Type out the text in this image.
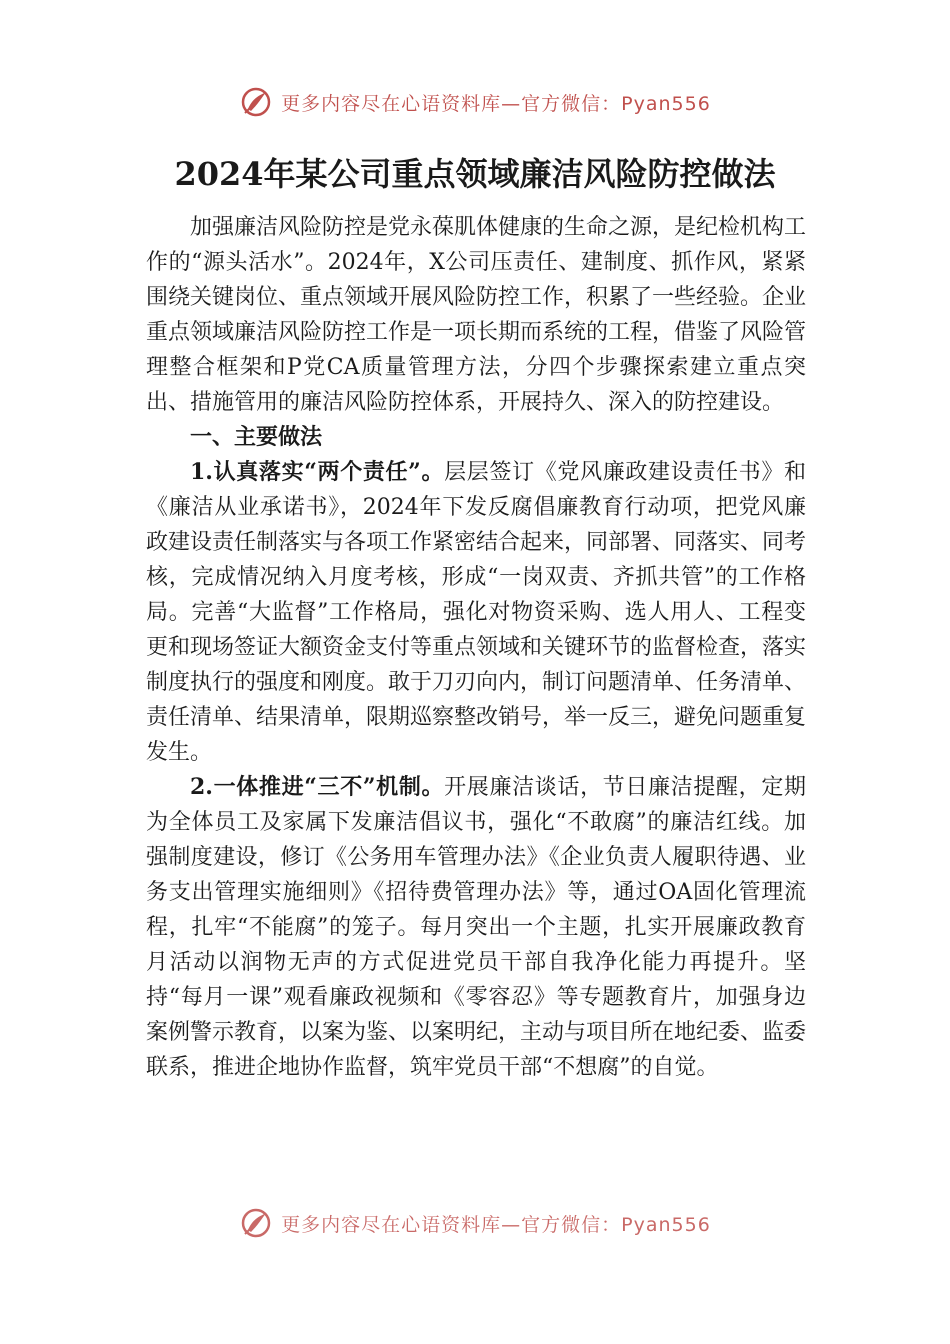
更多内容尽在心语资料库—官方微信：Pyan556
2024年某公司重点领域廉洁风险防控做法

加强廉洁风险防控是党永葆肌体健康的生命之源，是纪检机构工作的“源头活水”。2024年，X公司压责任、建制度、抓作风，紧紧围绕关键岗位、重点领域开展风险防控工作，积累了一些经验。企业重点领域廉洁风险防控工作是一项长期而系统的工程，借鉴了风险管理整合框架和P党CA质量管理方法，分四个步骤探索建立重点突出、措施管用的廉洁风险防控体系，开展持久、深入的防控建设。

一、主要做法

1.认真落实“两个责任”。层层签订《党风廉政建设责任书》和《廉洁从业承诺书》，2024年下发反腐倡廉教育行动项，把党风廉政建设责任制落实与各项工作紧密结合起来，同部署、同落实、同考核，完成情况纳入月度考核，形成“一岗双责、齐抓共管”的工作格局。完善“大监督”工作格局，强化对物资采购、选人用人、工程变更和现场签证大额资金支付等重点领域和关键环节的监督检查，落实制度执行的强度和刚度。敢于刀刃向内，制订问题清单、任务清单、责任清单、结果清单，限期巡察整改销号，举一反三，避免问题重复发生。

2.一体推进“三不”机制。开展廉洁谈话，节日廉洁提醒，定期为全体员工及家属下发廉洁倡议书，强化“不敢腐”的廉洁红线。加强制度建设，修订《公务用车管理办法》《企业负责人履职待遇、业务支出管理实施细则》《招待费管理办法》等，通过OA固化管理流程，扎牢“不能腐”的笼子。每月突出一个主题，扎实开展廉政教育月活动以润物无声的方式促进党员干部自我净化能力再提升。坚持“每月一课”观看廉政视频和《零容忍》等专题教育片，加强身边案例警示教育，以案为鉴、以案明纪，主动与项目所在地纪委、监委联系，推进企地协作监督，筑牢党员干部“不想腐”的自觉。

更多内容尽在心语资料库—官方微信：Pyan556
